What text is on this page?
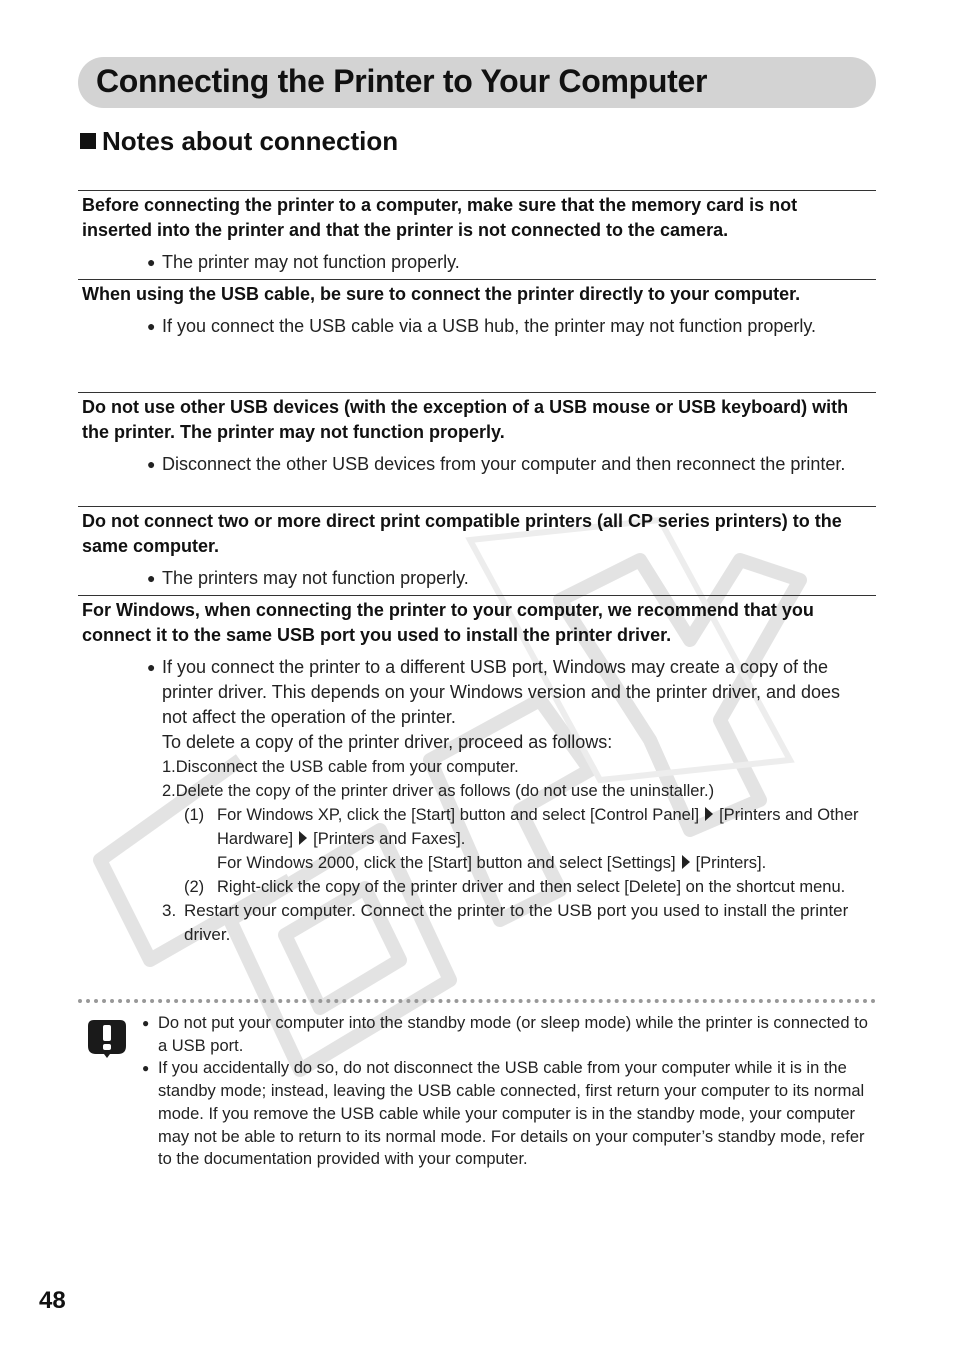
Connecting the Printer to Your Computer
Notes about connection

Before connecting the printer to a computer, make sure that the memory card is not inserted into the printer and that the printer is not connected to the camera.

● The printer may not function properly.

When using the USB cable, be sure to connect the printer directly to your computer.

● If you connect the USB cable via a USB hub, the printer may not function properly.

Do not use other USB devices (with the exception of a USB mouse or USB keyboard) with the printer. The printer may not function properly.

● Disconnect the other USB devices from your computer and then reconnect the printer.

Do not connect two or more direct print compatible printers (all CP series printers) to the same computer.

● The printers may not function properly.

For Windows, when connecting the printer to your computer, we recommend that you connect it to the same USB port you used to install the printer driver.

● If you connect the printer to a different USB port, Windows may create a copy of the printer driver. This depends on your Windows version and the printer driver, and does not affect the operation of the printer.

To delete a copy of the printer driver, proceed as follows:

1.Disconnect the USB cable from your computer.

2.Delete the copy of the printer driver as follows (do not use the uninstaller.)

(1) For Windows XP, click the [Start] button and select [Control Panel] [Printers and Other Hardware] [Printers and Faxes].
For Windows 2000, click the [Start] button and select [Settings] [Printers].
(2) Right-click the copy of the printer driver and then select [Delete] on the shortcut menu.
3. Restart your computer. Connect the printer to the USB port you used to install the printer driver.
● Do not put your computer into the standby mode (or sleep mode) while the printer is connected to a USB port.
● If you accidentally do so, do not disconnect the USB cable from your computer while it is in the standby mode; instead, leaving the USB cable connected, first return your computer to its normal mode. If you remove the USB cable while your computer is in the standby mode, your computer may not be able to return to its normal mode. For details on your computer’s standby mode, refer to the documentation provided with your computer.
48
